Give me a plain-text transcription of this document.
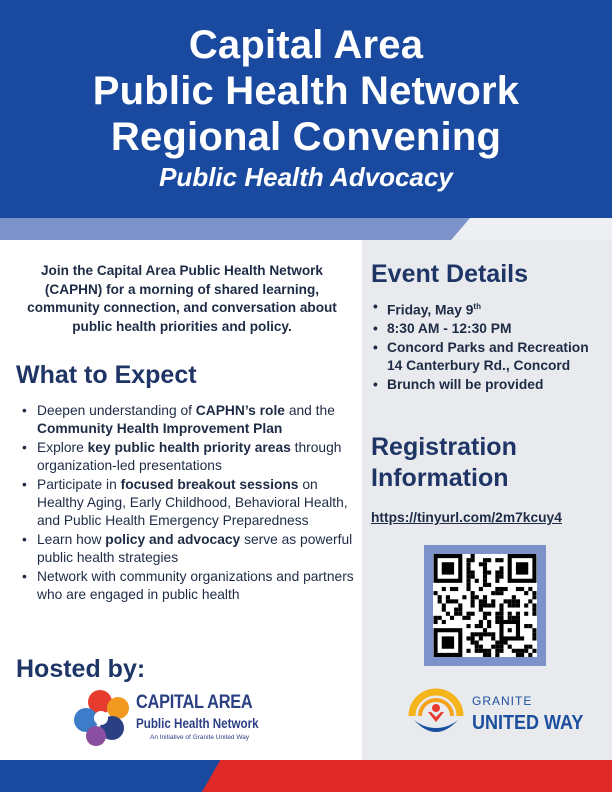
Capital Area
Public Health Network
Regional Convening
Public Health Advocacy

Join the Capital Area Public Health Network (CAPHN) for a morning of shared learning, community connection, and conversation about public health priorities and policy.

What to Expect
• Deepen understanding of CAPHN’s role and the Community Health Improvement Plan
• Explore key public health priority areas through organization-led presentations
• Participate in focused breakout sessions on Healthy Aging, Early Childhood, Behavioral Health, and Public Health Emergency Preparedness
• Learn how policy and advocacy serve as powerful public health strategies
• Network with community organizations and partners who are engaged in public health
Hosted by:
CAPITAL AREA
Public Health Network
An Initiative of Granite United Way
Event Details
• Friday, May 9th
• 8:30 AM - 12:30 PM
• Concord Parks and Recreation
14 Canterbury Rd., Concord
• Brunch will be provided
Registration
Information
https://tinyurl.com/2m7kcuy4
GRANITE
UNITED WAY
